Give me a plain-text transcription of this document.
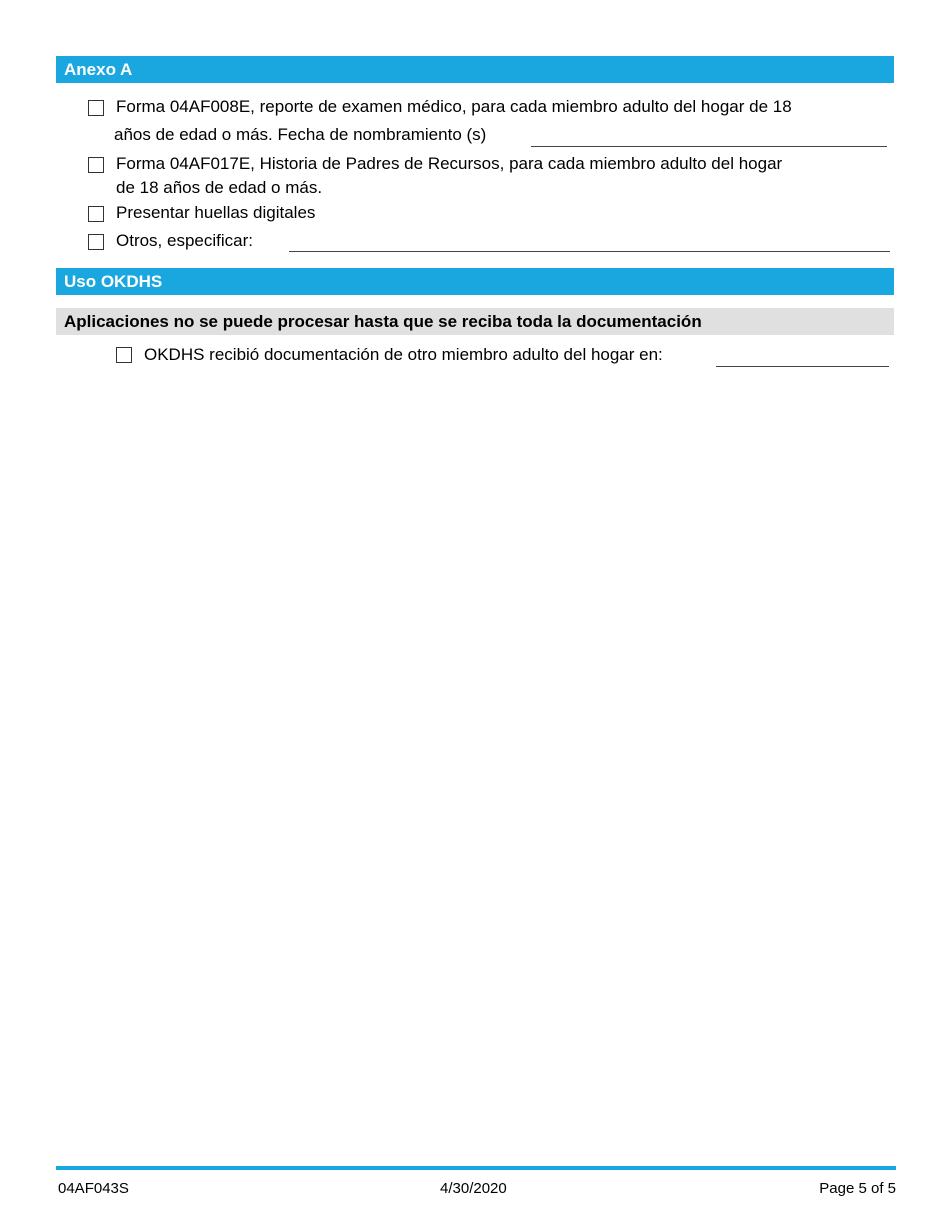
Anexo A
Forma 04AF008E, reporte de examen médico, para cada miembro adulto del hogar de 18
años de edad o más. Fecha de nombramiento (s)
Forma 04AF017E, Historia de Padres de Recursos, para cada miembro adulto del hogar
de 18 años de edad o más.
Presentar huellas digitales
Otros, especificar:
Uso OKDHS
Aplicaciones no se puede procesar hasta que se reciba toda la documentación
OKDHS recibió documentación de otro miembro adulto del hogar en:
04AF043S	4/30/2020	Page 5 of 5
